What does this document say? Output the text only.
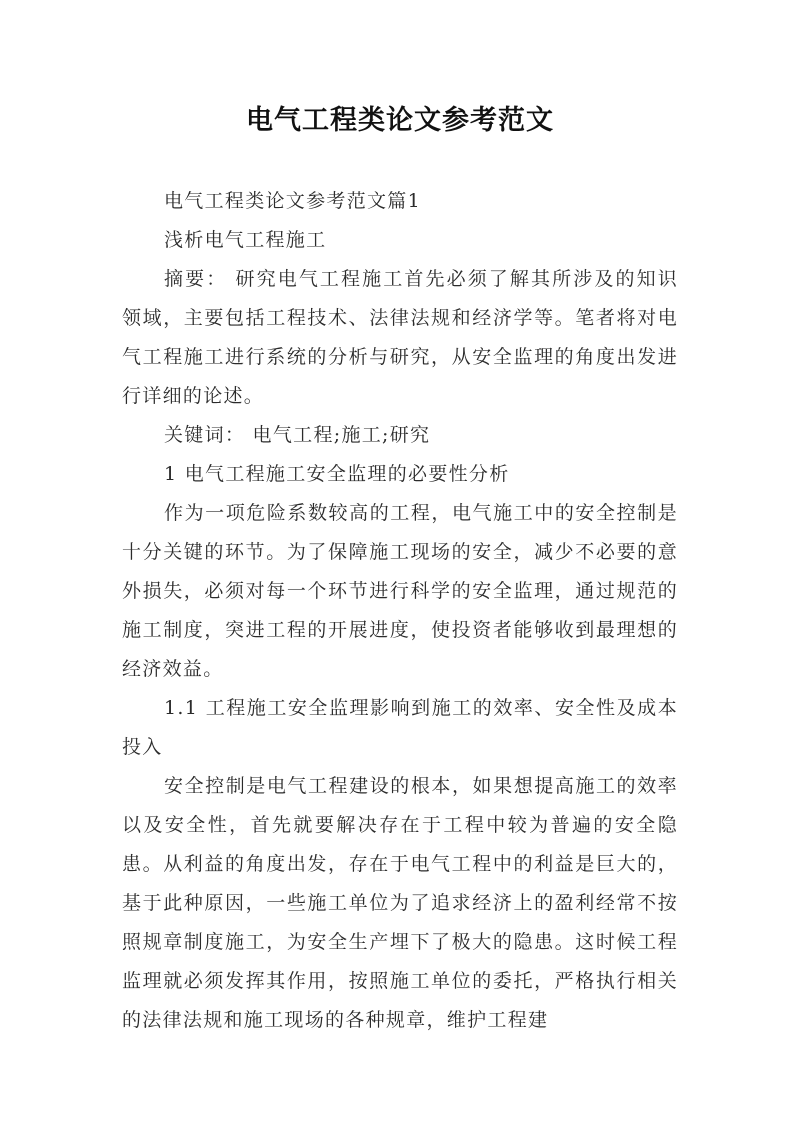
电气工程类论文参考范文

电气工程类论文参考范文篇1

浅析电气工程施工

摘要： 研究电气工程施工首先必须了解其所涉及的知识领域，主要包括工程技术、法律法规和经济学等。笔者将对电气工程施工进行系统的分析与研究，从安全监理的角度出发进行详细的论述。

关键词： 电气工程;施工;研究

1 电气工程施工安全监理的必要性分析

作为一项危险系数较高的工程，电气施工中的安全控制是十分关键的环节。为了保障施工现场的安全，减少不必要的意外损失，必须对每一个环节进行科学的安全监理，通过规范的施工制度，突进工程的开展进度，使投资者能够收到最理想的经济效益。

1.1 工程施工安全监理影响到施工的效率、安全性及成本投入

安全控制是电气工程建设的根本，如果想提高施工的效率以及安全性，首先就要解决存在于工程中较为普遍的安全隐患。从利益的角度出发，存在于电气工程中的利益是巨大的，基于此种原因，一些施工单位为了追求经济上的盈利经常不按照规章制度施工，为安全生产埋下了极大的隐患。这时候工程监理就必须发挥其作用，按照施工单位的委托，严格执行相关的法律法规和施工现场的各种规章，维护工程建
